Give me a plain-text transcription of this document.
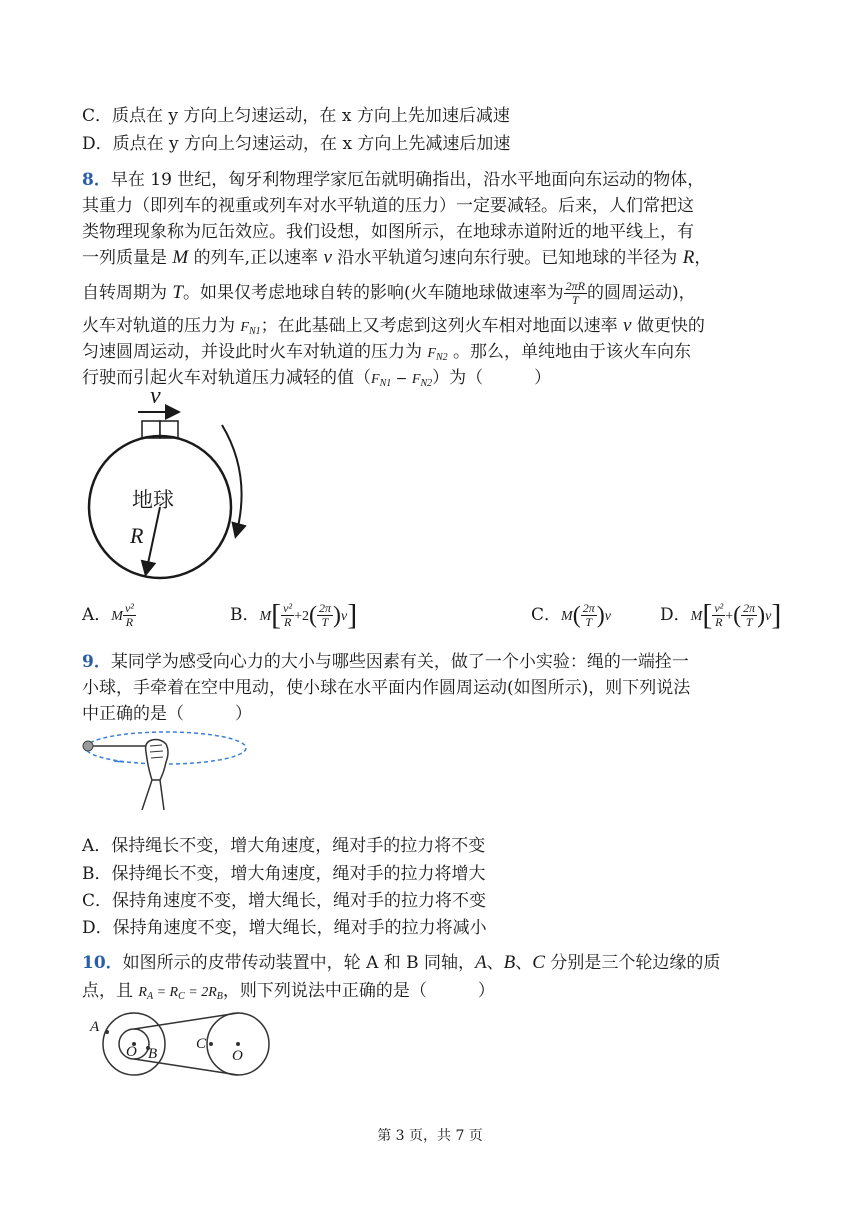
C．质点在 y 方向上匀速运动，在 x 方向上先加速后减速
D．质点在 y 方向上匀速运动，在 x 方向上先减速后加速
8．早在 19 世纪，匈牙利物理学家厄缶就明确指出，沿水平地面向东运动的物体，
其重力（即列车的视重或列车对水平轨道的压力）一定要减轻。后来，人们常把这
类物理现象称为厄缶效应。我们设想，如图所示，在地球赤道附近的地平线上，有
一列质量是 M 的列车,正以速率 v 沿水平轨道匀速向东行驶。已知地球的半径为 R，
自转周期为 T。如果仅考虑地球自转的影响(火车随地球做速率为 $\frac{2\pi R}{T}$ 的圆周运动)，
火车对轨道的压力为 $F_{N1}$；在此基础上又考虑到这列火车相对地面以速率 v 做更快的
匀速圆周运动，并设此时火车对轨道的压力为 $F_{N2}$ 。那么，单纯地由于该火车向东
行驶而引起火车对轨道压力减轻的值$(F_{N1} - F_{N2})$为（　　　）
v
地球
R
A．M $\frac{\text{v²}}{R}$	B．$M[ \frac{\text{v²}}{R} +2( \frac{2\pi}{T} )v]$	C．$M( \frac{2\pi}{T} )v$	D．$M[ \frac{\text{v²}}{R}$ +( $\frac{2\pi}{T} )v$]
9．某同学为感受向心力的大小与哪些因素有关，做了一个小实验：绳的一端拴一
小球，手牵着在空中甩动，使小球在水平面内作圆周运动(如图所示)，则下列说法
中正确的是（　　　）
A．保持绳长不变，增大角速度，绳对手的拉力将不变
B．保持绳长不变，增大角速度，绳对手的拉力将增大
C．保持角速度不变，增大绳长，绳对手的拉力将不变
D．保持角速度不变，增大绳长，绳对手的拉力将减小
10．如图所示的皮带传动装置中，轮 A 和 B 同轴，A、B、C 分别是三个轮边缘的质
点，且 $R_A = R_C = 2R_B$，则下列说法中正确的是（　　　）
A
O B
C
O
第 3 页，共 7 页
